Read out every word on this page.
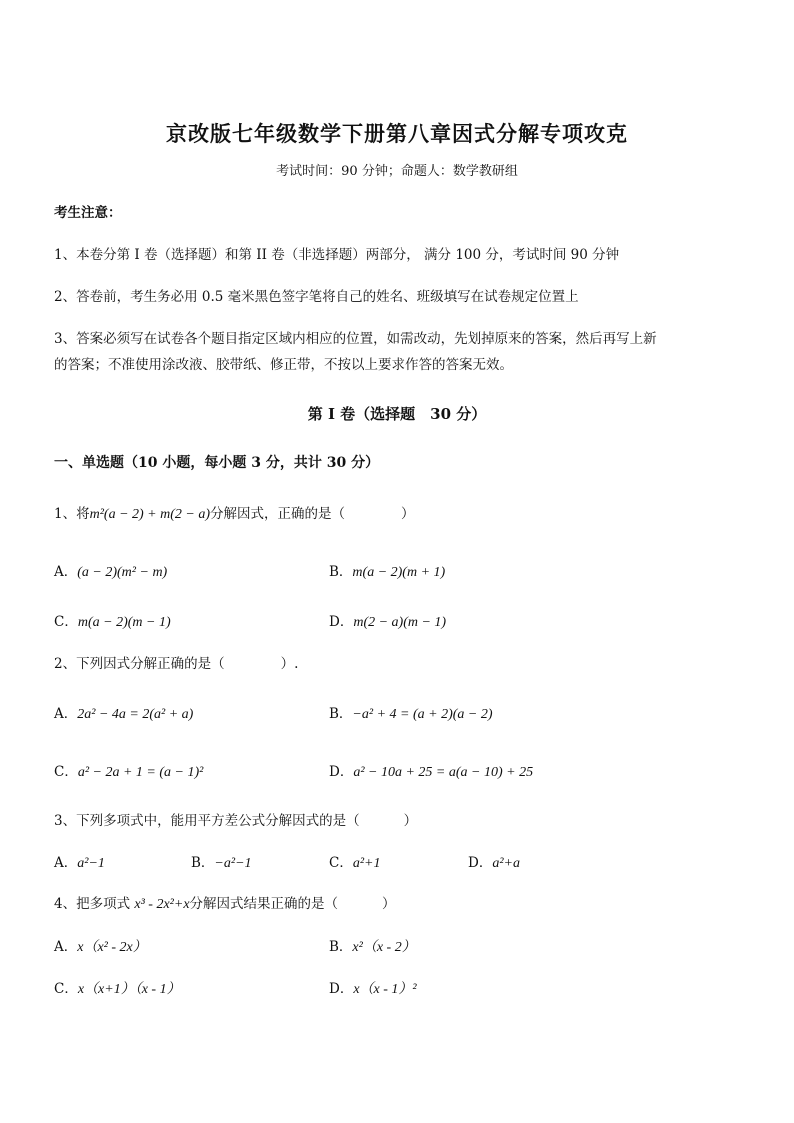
京改版七年级数学下册第八章因式分解专项攻克
考试时间：90 分钟；命题人：数学教研组
考生注意：
1、本卷分第 I 卷（选择题）和第 II 卷（非选择题）两部分， 满分 100 分，考试时间 90 分钟
2、答卷前，考生务必用 0.5 毫米黑色签字笔将自己的姓名、班级填写在试卷规定位置上
3、答案必须写在试卷各个题目指定区域内相应的位置，如需改动，先划掉原来的答案，然后再写上新
的答案；不准使用涂改液、胶带纸、修正带，不按以上要求作答的答案无效。
第 I 卷（选择题　30 分）
一、单选题（10 小题，每小题 3 分，共计 30 分）
1、将m²(a − 2) + m(2 − a)分解因式，正确的是（	）
A．(a − 2)(m² − m)	B．m(a − 2)(m + 1)
C．m(a − 2)(m − 1)	D．m(2 − a)(m − 1)
2、下列因式分解正确的是（	）.
A．2a² − 4a = 2(a² + a)	B．−a² + 4 = (a + 2)(a − 2)
C．a² − 2a + 1 = (a − 1)²	D．a² − 10a + 25 = a(a − 10) + 25
3、下列多项式中，能用平方差公式分解因式的是（	）
A．a²−1	B．−a²−1	C．a²+1	D．a²+a
4、把多项式 x³ - 2x²+x分解因式结果正确的是（	）
A．x（x² - 2x）	B．x²（x - 2）
C．x（x+1）（x - 1）	D．x（x - 1）²
